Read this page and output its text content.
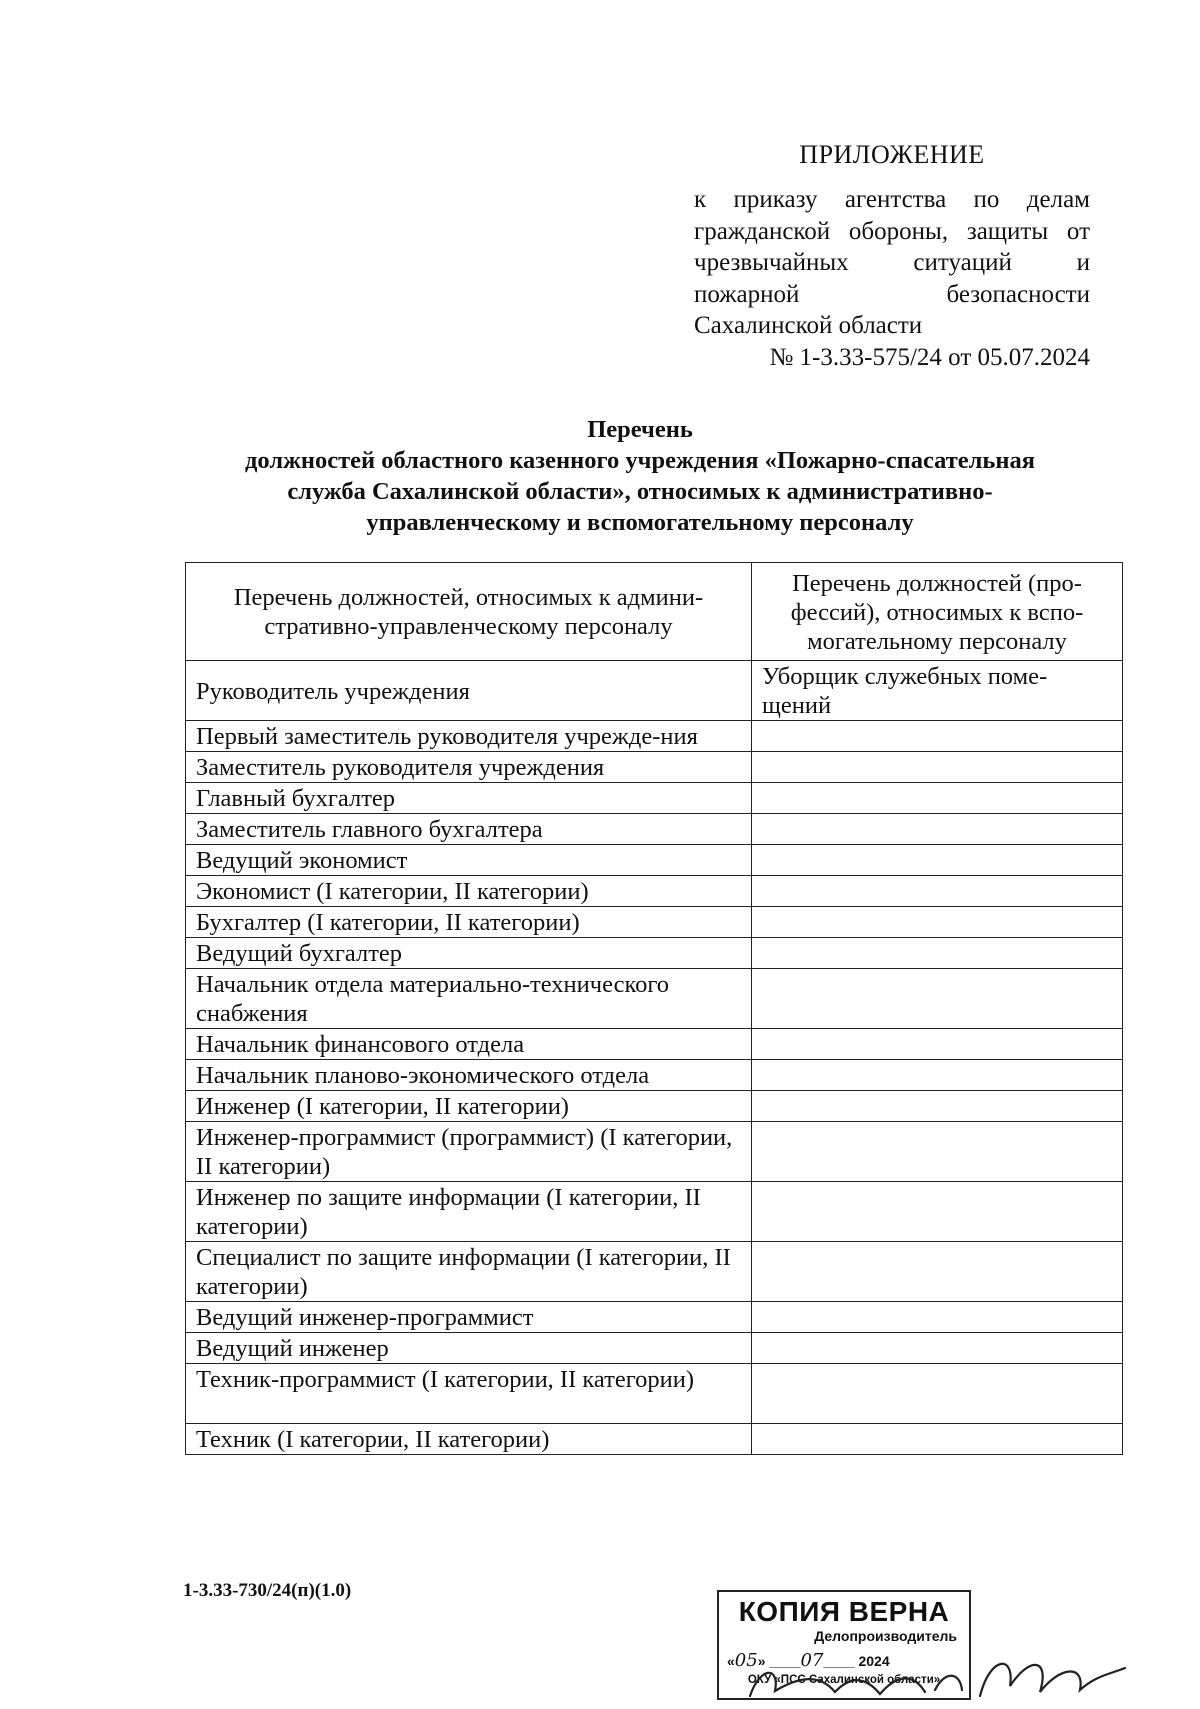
ПРИЛОЖЕНИЕ
к приказу агентства по делам
гражданской обороны, защиты от
чрезвычайных ситуаций и
пожарной безопасности
Сахалинской области
№ 1-3.33-575/24 от 05.07.2024
Перечень
должностей областного казенного учреждения «Пожарно-спасательная
служба Сахалинской области», относимых к административно-
управленческому и вспомогательному персоналу
Перечень должностей, относимых к админи-стративно-управленческому персоналу	Перечень должностей (про-фессий), относимых к вспо-могательному персоналу
Руководитель учреждения	Уборщик служебных поме-щений
Первый заместитель руководителя учрежде-ния	
Заместитель руководителя учреждения	
Главный бухгалтер	
Заместитель главного бухгалтера	
Ведущий экономист	
Экономист (I категории, II категории)	
Бухгалтер (I категории, II категории)	
Ведущий бухгалтер	
Начальник отдела материально-технического снабжения	
Начальник финансового отдела	
Начальник планово-экономического отдела	
Инженер (I категории, II категории)	
Инженер-программист (программист) (I категории, II категории)	
Инженер по защите информации (I категории, II категории)	
Специалист по защите информации (I категории, II категории)	
Ведущий инженер-программист	
Ведущий инженер	
Техник-программист (I категории, II категории)	
Техник (I категории, II категории)	
1-3.33-730/24(п)(1.0)
КОПИЯ ВЕРНА
Делопроизводитель
«05» ____07____ 2024
ОКУ «ПСС Сахалинской области»
